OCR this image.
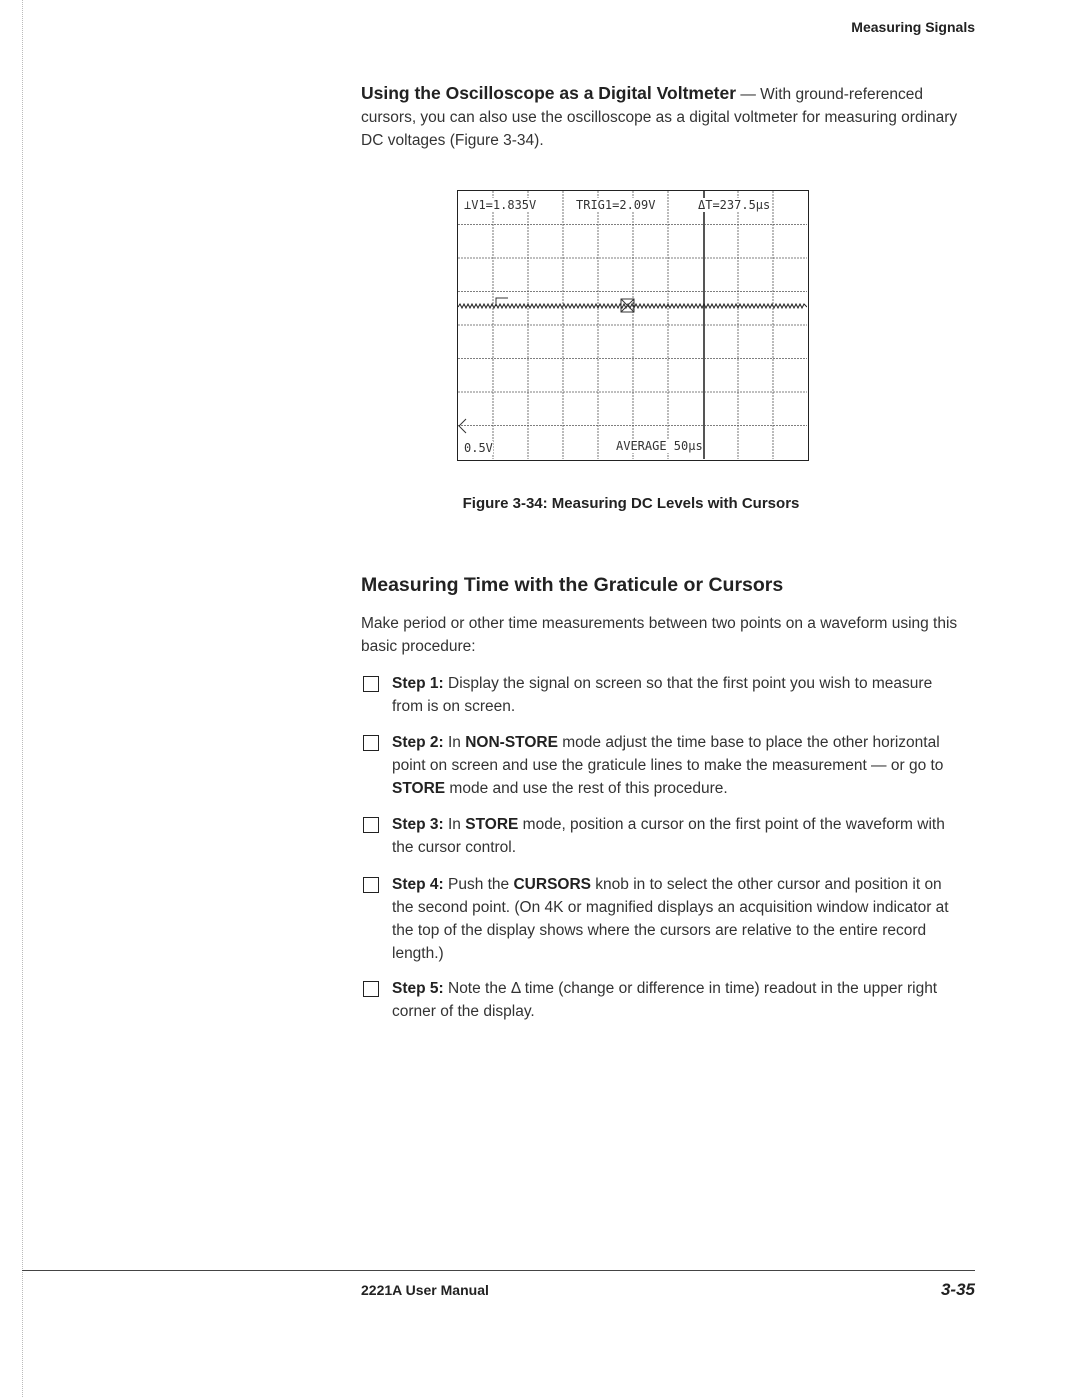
Measuring Signals
Using the Oscilloscope as a Digital Voltmeter — With ground-referenced cursors, you can also use the oscilloscope as a digital voltmeter for measuring ordinary DC voltages (Figure 3-34).
⊥V1=1.835V	TRIG1=2.09V	ΔT=237.5µs
0.5V	AVERAGE 50µs
Figure 3-34: Measuring DC Levels with Cursors
Measuring Time with the Graticule or Cursors
Make period or other time measurements between two points on a waveform using this basic procedure:
Step 1: Display the signal on screen so that the first point you wish to measure from is on screen.
Step 2: In NON-STORE mode adjust the time base to place the other horizontal point on screen and use the graticule lines to make the measurement — or go to STORE mode and use the rest of this procedure.
Step 3: In STORE mode, position a cursor on the first point of the waveform with the cursor control.
Step 4: Push the CURSORS knob in to select the other cursor and position it on the second point. (On 4K or magnified displays an acquisition window indicator at the top of the display shows where the cursors are relative to the entire record length.)
Step 5: Note the Δ time (change or difference in time) readout in the upper right corner of the display.
2221A User Manual	3-35
